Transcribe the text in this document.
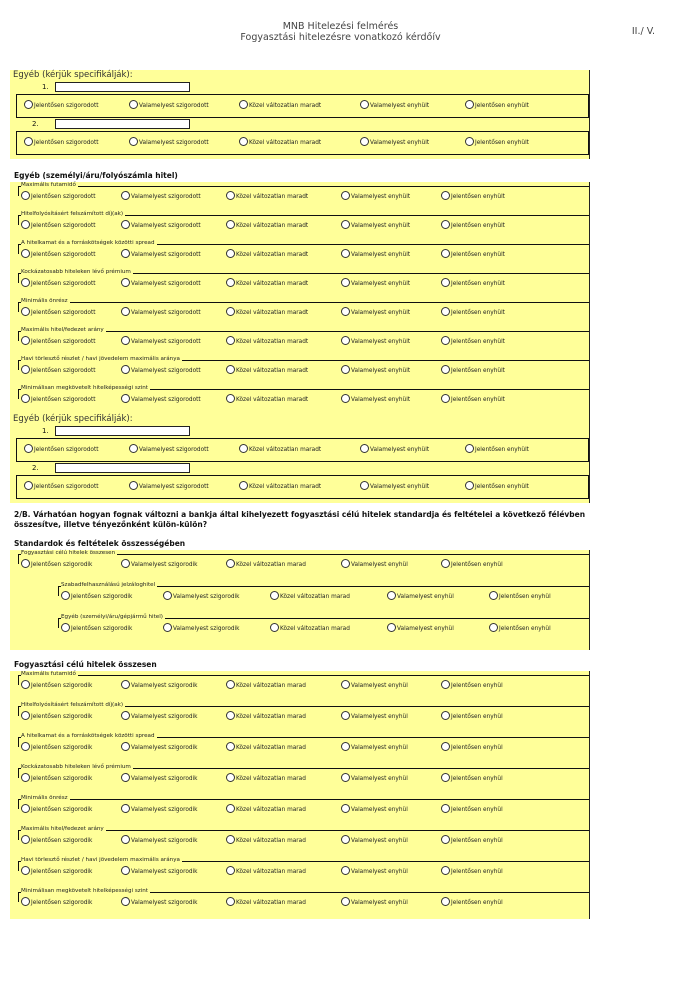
MNB Hitelezési felmérés
Fogyasztási hitelezésre vonatkozó kérdőív
II./ V.
Egyéb (kérjük specifikálják):
1.
Jelentősen szigorodott	Valamelyest szigorodott	Közel változatlan maradt	Valamelyest enyhült	Jelentősen enyhült
2.
Jelentősen szigorodott	Valamelyest szigorodott	Közel változatlan maradt	Valamelyest enyhült	Jelentősen enyhült
Egyéb (személyi/áru/folyószámla hitel)
Maximális futamidő
Jelentősen szigorodott	Valamelyest szigorodott	Közel változatlan maradt	Valamelyest enyhült	Jelentősen enyhült
Hitelfolyósításért felszámított díj(ak)
Jelentősen szigorodott	Valamelyest szigorodott	Közel változatlan maradt	Valamelyest enyhült	Jelentősen enyhült
A hitelkamat és a forráskötségek közötti spread
Jelentősen szigorodott	Valamelyest szigorodott	Közel változatlan maradt	Valamelyest enyhült	Jelentősen enyhült
Kockázatosabb hiteleken lévő prémium
Jelentősen szigorodott	Valamelyest szigorodott	Közel változatlan maradt	Valamelyest enyhült	Jelentősen enyhült
Minimális önrész
Jelentősen szigorodott	Valamelyest szigorodott	Közel változatlan maradt	Valamelyest enyhült	Jelentősen enyhült
Maximális hitel/fedezet arány
Jelentősen szigorodott	Valamelyest szigorodott	Közel változatlan maradt	Valamelyest enyhült	Jelentősen enyhült
Havi törlesztő részlet / havi jövedelem maximális aránya
Jelentősen szigorodott	Valamelyest szigorodott	Közel változatlan maradt	Valamelyest enyhült	Jelentősen enyhült
Minimálisan megkövetelt hitelképességi szint
Jelentősen szigorodott	Valamelyest szigorodott	Közel változatlan maradt	Valamelyest enyhült	Jelentősen enyhült
Egyéb (kérjük specifikálják):
1.
Jelentősen szigorodott	Valamelyest szigorodott	Közel változatlan maradt	Valamelyest enyhült	Jelentősen enyhült
2.
Jelentősen szigorodott	Valamelyest szigorodott	Közel változatlan maradt	Valamelyest enyhült	Jelentősen enyhült
2/B. Várhatóan hogyan fognak változni a bankja által kihelyezett fogyasztási célú hitelek standardja és feltételei a következő félévben összesítve, illetve tényezőnként külön-külön?
Standardok és feltételek összességében
Fogyasztási célú hitelek összesen
Jelentősen szigorodik	Valamelyest szigorodik	Közel változatlan marad	Valamelyest enyhül	Jelentősen enyhül
Szabadfelhasználású jelzáloghitel
Jelentősen szigorodik	Valamelyest szigorodik	Közel változatlan marad	Valamelyest enyhül	Jelentősen enyhül
Egyéb (személyi/áru/gépjármű hitel)
Jelentősen szigorodik	Valamelyest szigorodik	Közel változatlan marad	Valamelyest enyhül	Jelentősen enyhül
Fogyasztási célú hitelek összesen
Maximális futamidő
Jelentősen szigorodik	Valamelyest szigorodik	Közel változatlan marad	Valamelyest enyhül	Jelentősen enyhül
Hitelfolyósításért felszámított díj(ak)
Jelentősen szigorodik	Valamelyest szigorodik	Közel változatlan marad	Valamelyest enyhül	Jelentősen enyhül
A hitelkamat és a forráskötségek közötti spread
Jelentősen szigorodik	Valamelyest szigorodik	Közel változatlan marad	Valamelyest enyhül	Jelentősen enyhül
Kockázatosabb hiteleken lévő prémium
Jelentősen szigorodik	Valamelyest szigorodik	Közel változatlan marad	Valamelyest enyhül	Jelentősen enyhül
Minimális önrész
Jelentősen szigorodik	Valamelyest szigorodik	Közel változatlan marad	Valamelyest enyhül	Jelentősen enyhül
Maximális hitel/fedezet arány
Jelentősen szigorodik	Valamelyest szigorodik	Közel változatlan marad	Valamelyest enyhül	Jelentősen enyhül
Havi törlesztő részlet / havi jövedelem maximális aránya
Jelentősen szigorodik	Valamelyest szigorodik	Közel változatlan marad	Valamelyest enyhül	Jelentősen enyhül
Minimálisan megkövetelt hitelképességi szint
Jelentősen szigorodik	Valamelyest szigorodik	Közel változatlan marad	Valamelyest enyhül	Jelentősen enyhül
